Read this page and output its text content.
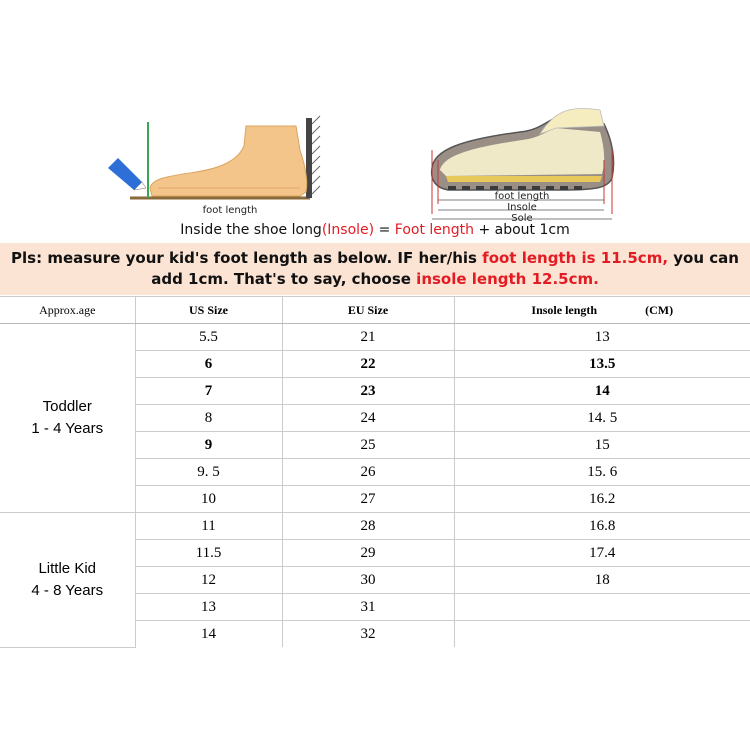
foot length
foot length
Insole
Sole
Inside the shoe long(Insole) = Foot length + about 1cm
Pls: measure your kid's foot length as below. IF her/his foot length is 11.5cm, you can add 1cm. That's to say, choose insole length 12.5cm.
Approx.age	US Size	EU Size	Insole length (CM)

Toddler
1 - 4 Years	5.5	21	13
	6	22	13.5
	7	23	14
	8	24	14. 5
	9	25	15
	9. 5	26	15. 6
	10	27	16.2

Little Kid
4 - 8 Years	11	28	16.8
	11.5	29	17.4
	12	30	18
	13	31	
	14	32	
